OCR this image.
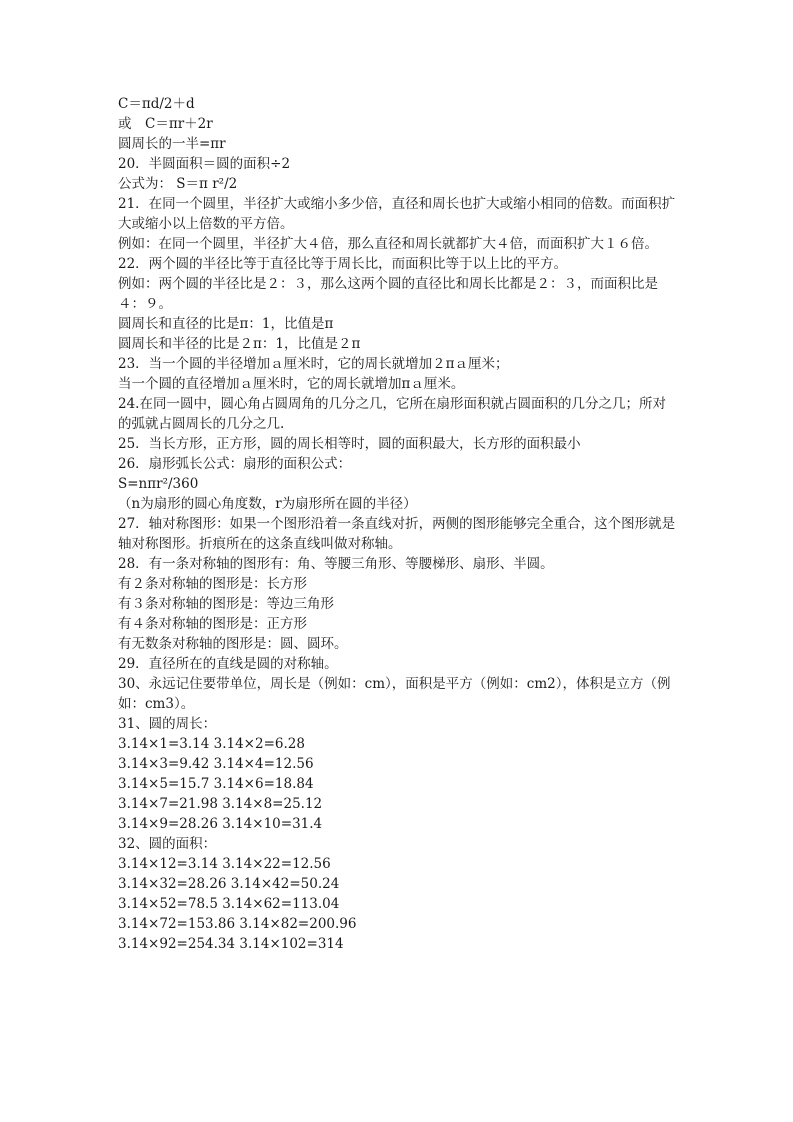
C＝πd/2＋d
或　C＝πr＋2r
圆周长的一半=πr
20．半圆面积＝圆的面积÷2
公式为： S＝π r²/2
21．在同一个圆里，半径扩大或缩小多少倍，直径和周长也扩大或缩小相同的倍数。而面积扩大或缩小以上倍数的平方倍。
例如：在同一个圆里，半径扩大４倍，那么直径和周长就都扩大４倍，而面积扩大１６倍。
22．两个圆的半径比等于直径比等于周长比，而面积比等于以上比的平方。
例如：两个圆的半径比是２：３，那么这两个圆的直径比和周长比都是２：３，而面积比是４：９。
圆周长和直径的比是π：1，比值是π
圆周长和半径的比是２π：1，比值是２π
23．当一个圆的半径增加ａ厘米时，它的周长就增加２πａ厘米；
当一个圆的直径增加ａ厘米时，它的周长就增加πａ厘米。
24.在同一圆中，圆心角占圆周角的几分之几，它所在扇形面积就占圆面积的几分之几；所对的弧就占圆周长的几分之几.
25．当长方形，正方形，圆的周长相等时，圆的面积最大，长方形的面积最小
26．扇形弧长公式：扇形的面积公式：
S=nπr²/360
（n为扇形的圆心角度数，r为扇形所在圆的半径）
27．轴对称图形：如果一个图形沿着一条直线对折，两侧的图形能够完全重合，这个图形就是轴对称图形。折痕所在的这条直线叫做对称轴。
28．有一条对称轴的图形有：角、等腰三角形、等腰梯形、扇形、半圆。
有２条对称轴的图形是：长方形
有３条对称轴的图形是：等边三角形
有４条对称轴的图形是：正方形
有无数条对称轴的图形是：圆、圆环。
29．直径所在的直线是圆的对称轴。
30、永远记住要带单位，周长是（例如：cm），面积是平方（例如：cm2），体积是立方（例如：cm3）。
31、圆的周长：
3.14×1=3.14 3.14×2=6.28
3.14×3=9.42 3.14×4=12.56
3.14×5=15.7 3.14×6=18.84
3.14×7=21.98 3.14×8=25.12
3.14×9=28.26 3.14×10=31.4
32、圆的面积：
3.14×12=3.14 3.14×22=12.56
3.14×32=28.26 3.14×42=50.24
3.14×52=78.5 3.14×62=113.04
3.14×72=153.86 3.14×82=200.96
3.14×92=254.34 3.14×102=314
